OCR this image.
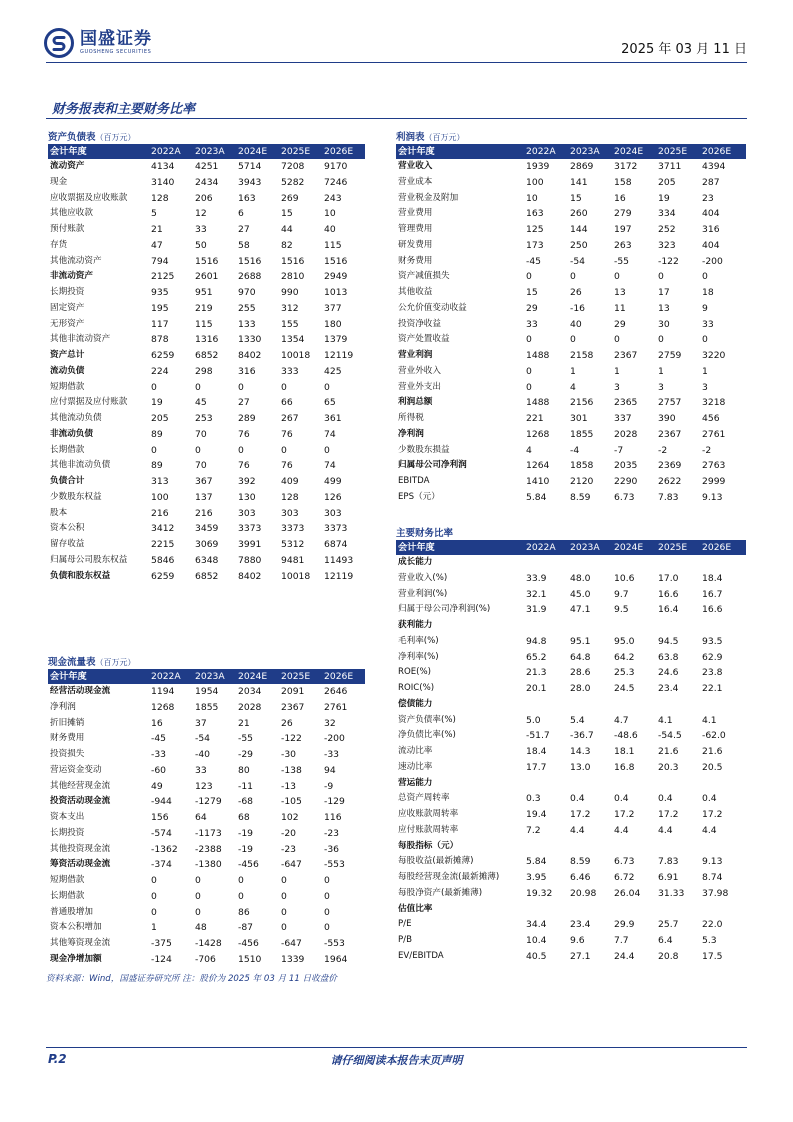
国盛证券
GUOSHENG SECURITIES	2025 年 03 月 11 日
财务报表和主要财务比率
资产负债表（百万元）
会计年度	2022A	2023A	2024E	2025E	2026E
流动资产	4134	4251	5714	7208	9170
现金	3140	2434	3943	5282	7246
应收票据及应收账款	128	206	163	269	243
其他应收款	5	12	6	15	10
预付账款	21	33	27	44	40
存货	47	50	58	82	115
其他流动资产	794	1516	1516	1516	1516
非流动资产	2125	2601	2688	2810	2949
长期投资	935	951	970	990	1013
固定资产	195	219	255	312	377
无形资产	117	115	133	155	180
其他非流动资产	878	1316	1330	1354	1379
资产总计	6259	6852	8402	10018	12119
流动负债	224	298	316	333	425
短期借款	0	0	0	0	0
应付票据及应付账款	19	45	27	66	65
其他流动负债	205	253	289	267	361
非流动负债	89	70	76	76	74
长期借款	0	0	0	0	0
其他非流动负债	89	70	76	76	74
负债合计	313	367	392	409	499
少数股东权益	100	137	130	128	126
股本	216	216	303	303	303
资本公积	3412	3459	3373	3373	3373
留存收益	2215	3069	3991	5312	6874
归属母公司股东权益	5846	6348	7880	9481	11493
负债和股东权益	6259	6852	8402	10018	12119
现金流量表（百万元）
会计年度	2022A	2023A	2024E	2025E	2026E
经营活动现金流	1194	1954	2034	2091	2646
净利润	1268	1855	2028	2367	2761
折旧摊销	16	37	21	26	32
财务费用	-45	-54	-55	-122	-200
投资损失	-33	-40	-29	-30	-33
营运资金变动	-60	33	80	-138	94
其他经营现金流	49	123	-11	-13	-9
投资活动现金流	-944	-1279	-68	-105	-129
资本支出	156	64	68	102	116
长期投资	-574	-1173	-19	-20	-23
其他投资现金流	-1362	-2388	-19	-23	-36
筹资活动现金流	-374	-1380	-456	-647	-553
短期借款	0	0	0	0	0
长期借款	0	0	0	0	0
普通股增加	0	0	86	0	0
资本公积增加	1	48	-87	0	0
其他筹资现金流	-375	-1428	-456	-647	-553
现金净增加额	-124	-706	1510	1339	1964
利润表（百万元）
会计年度	2022A	2023A	2024E	2025E	2026E
营业收入	1939	2869	3172	3711	4394
营业成本	100	141	158	205	287
营业税金及附加	10	15	16	19	23
营业费用	163	260	279	334	404
管理费用	125	144	197	252	316
研发费用	173	250	263	323	404
财务费用	-45	-54	-55	-122	-200
资产减值损失	0	0	0	0	0
其他收益	15	26	13	17	18
公允价值变动收益	29	-16	11	13	9
投资净收益	33	40	29	30	33
资产处置收益	0	0	0	0	0
营业利润	1488	2158	2367	2759	3220
营业外收入	0	1	1	1	1
营业外支出	0	4	3	3	3
利润总额	1488	2156	2365	2757	3218
所得税	221	301	337	390	456
净利润	1268	1855	2028	2367	2761
少数股东损益	4	-4	-7	-2	-2
归属母公司净利润	1264	1858	2035	2369	2763
EBITDA	1410	2120	2290	2622	2999
EPS（元）	5.84	8.59	6.73	7.83	9.13
主要财务比率
会计年度	2022A	2023A	2024E	2025E	2026E
成长能力					
营业收入(%)	33.9	48.0	10.6	17.0	18.4
营业利润(%)	32.1	45.0	9.7	16.6	16.7
归属于母公司净利润(%)	31.9	47.1	9.5	16.4	16.6
获利能力					
毛利率(%)	94.8	95.1	95.0	94.5	93.5
净利率(%)	65.2	64.8	64.2	63.8	62.9
ROE(%)	21.3	28.6	25.3	24.6	23.8
ROIC(%)	20.1	28.0	24.5	23.4	22.1
偿债能力					
资产负债率(%)	5.0	5.4	4.7	4.1	4.1
净负债比率(%)	-51.7	-36.7	-48.6	-54.5	-62.0
流动比率	18.4	14.3	18.1	21.6	21.6
速动比率	17.7	13.0	16.8	20.3	20.5
营运能力					
总资产周转率	0.3	0.4	0.4	0.4	0.4
应收账款周转率	19.4	17.2	17.2	17.2	17.2
应付账款周转率	7.2	4.4	4.4	4.4	4.4
每股指标（元）					
每股收益(最新摊薄)	5.84	8.59	6.73	7.83	9.13
每股经营现金流(最新摊薄)	3.95	6.46	6.72	6.91	8.74
每股净资产(最新摊薄)	19.32	20.98	26.04	31.33	37.98
估值比率					
P/E	34.4	23.4	29.9	25.7	22.0
P/B	10.4	9.6	7.7	6.4	5.3
EV/EBITDA	40.5	27.1	24.4	20.8	17.5
资料来源：Wind，国盛证券研究所 注：股价为 2025 年 03 月 11 日收盘价
请仔细阅读本报告末页声明
P.2
